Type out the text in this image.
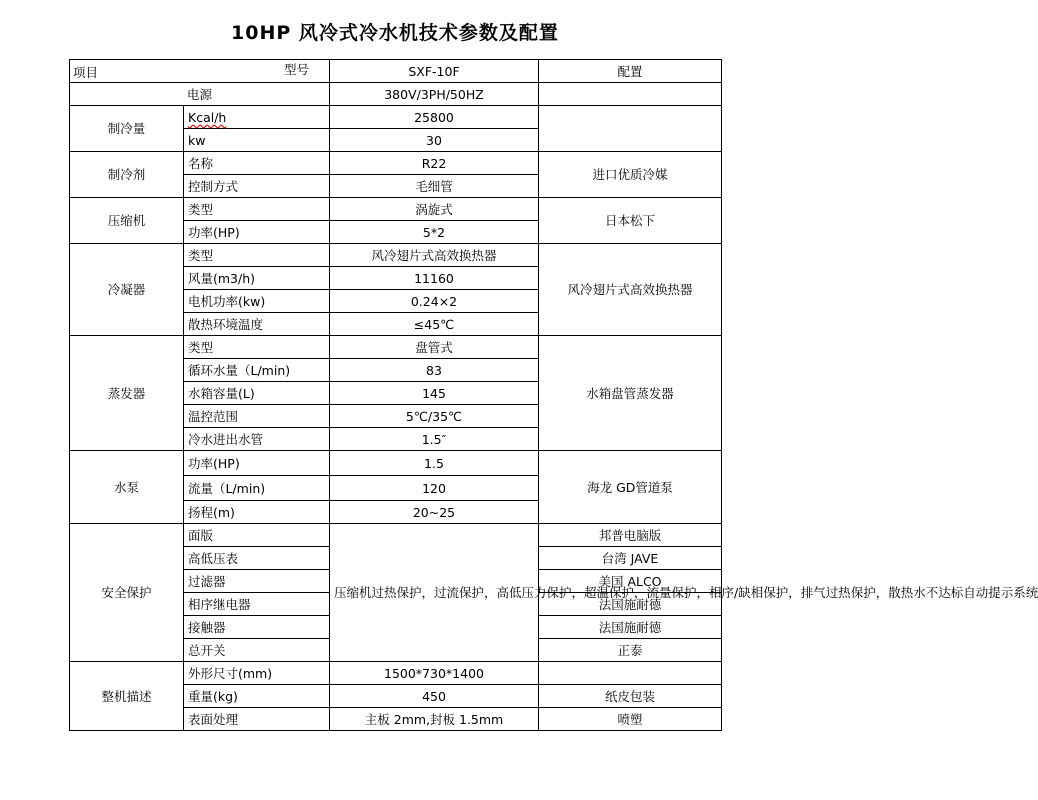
10HP 风冷式冷水机技术参数及配置
型号
项目		SXF-10F	配置
电源		380V/3PH/50HZ	
制冷量	Kcal/h	25800	
	kw	30	
制冷剂	名称	R22	进口优质冷媒
	控制方式	毛细管	
压缩机	类型	涡旋式	日本松下
	功率(HP)	5*2	
冷凝器	类型	风冷翅片式高效换热器	风冷翅片式高效换热器
	风量(m3/h)	11160	
	电机功率(kw)	0.24×2	
	散热环境温度	≤45℃	
蒸发器	类型	盘管式	水箱盘管蒸发器
	循环水量（L/min)	83	
	水箱容量(L)	145	
	温控范围	5℃/35℃	
	冷水进出水管	1.5″	
水泵	功率(HP)	1.5	海龙 GD管道泵
	流量（L/min)	120	
	扬程(m)	20~25	
安全保护	面版	压缩机过热保护，过流保护，高低压力保护，超温保护，流量保护，相序/缺相保护，排气过热保护，散热水不达标自动提示系统	邦普电脑版
	高低压表		台湾 JAVE
	过滤器		美国 ALCO
	相序继电器		法国施耐德
	接触器		法国施耐德
	总开关		正泰
整机描述	外形尺寸(mm)	1500*730*1400	
	重量(kg)	450	纸皮包装
	表面处理	主板 2mm,封板 1.5mm	喷塑
